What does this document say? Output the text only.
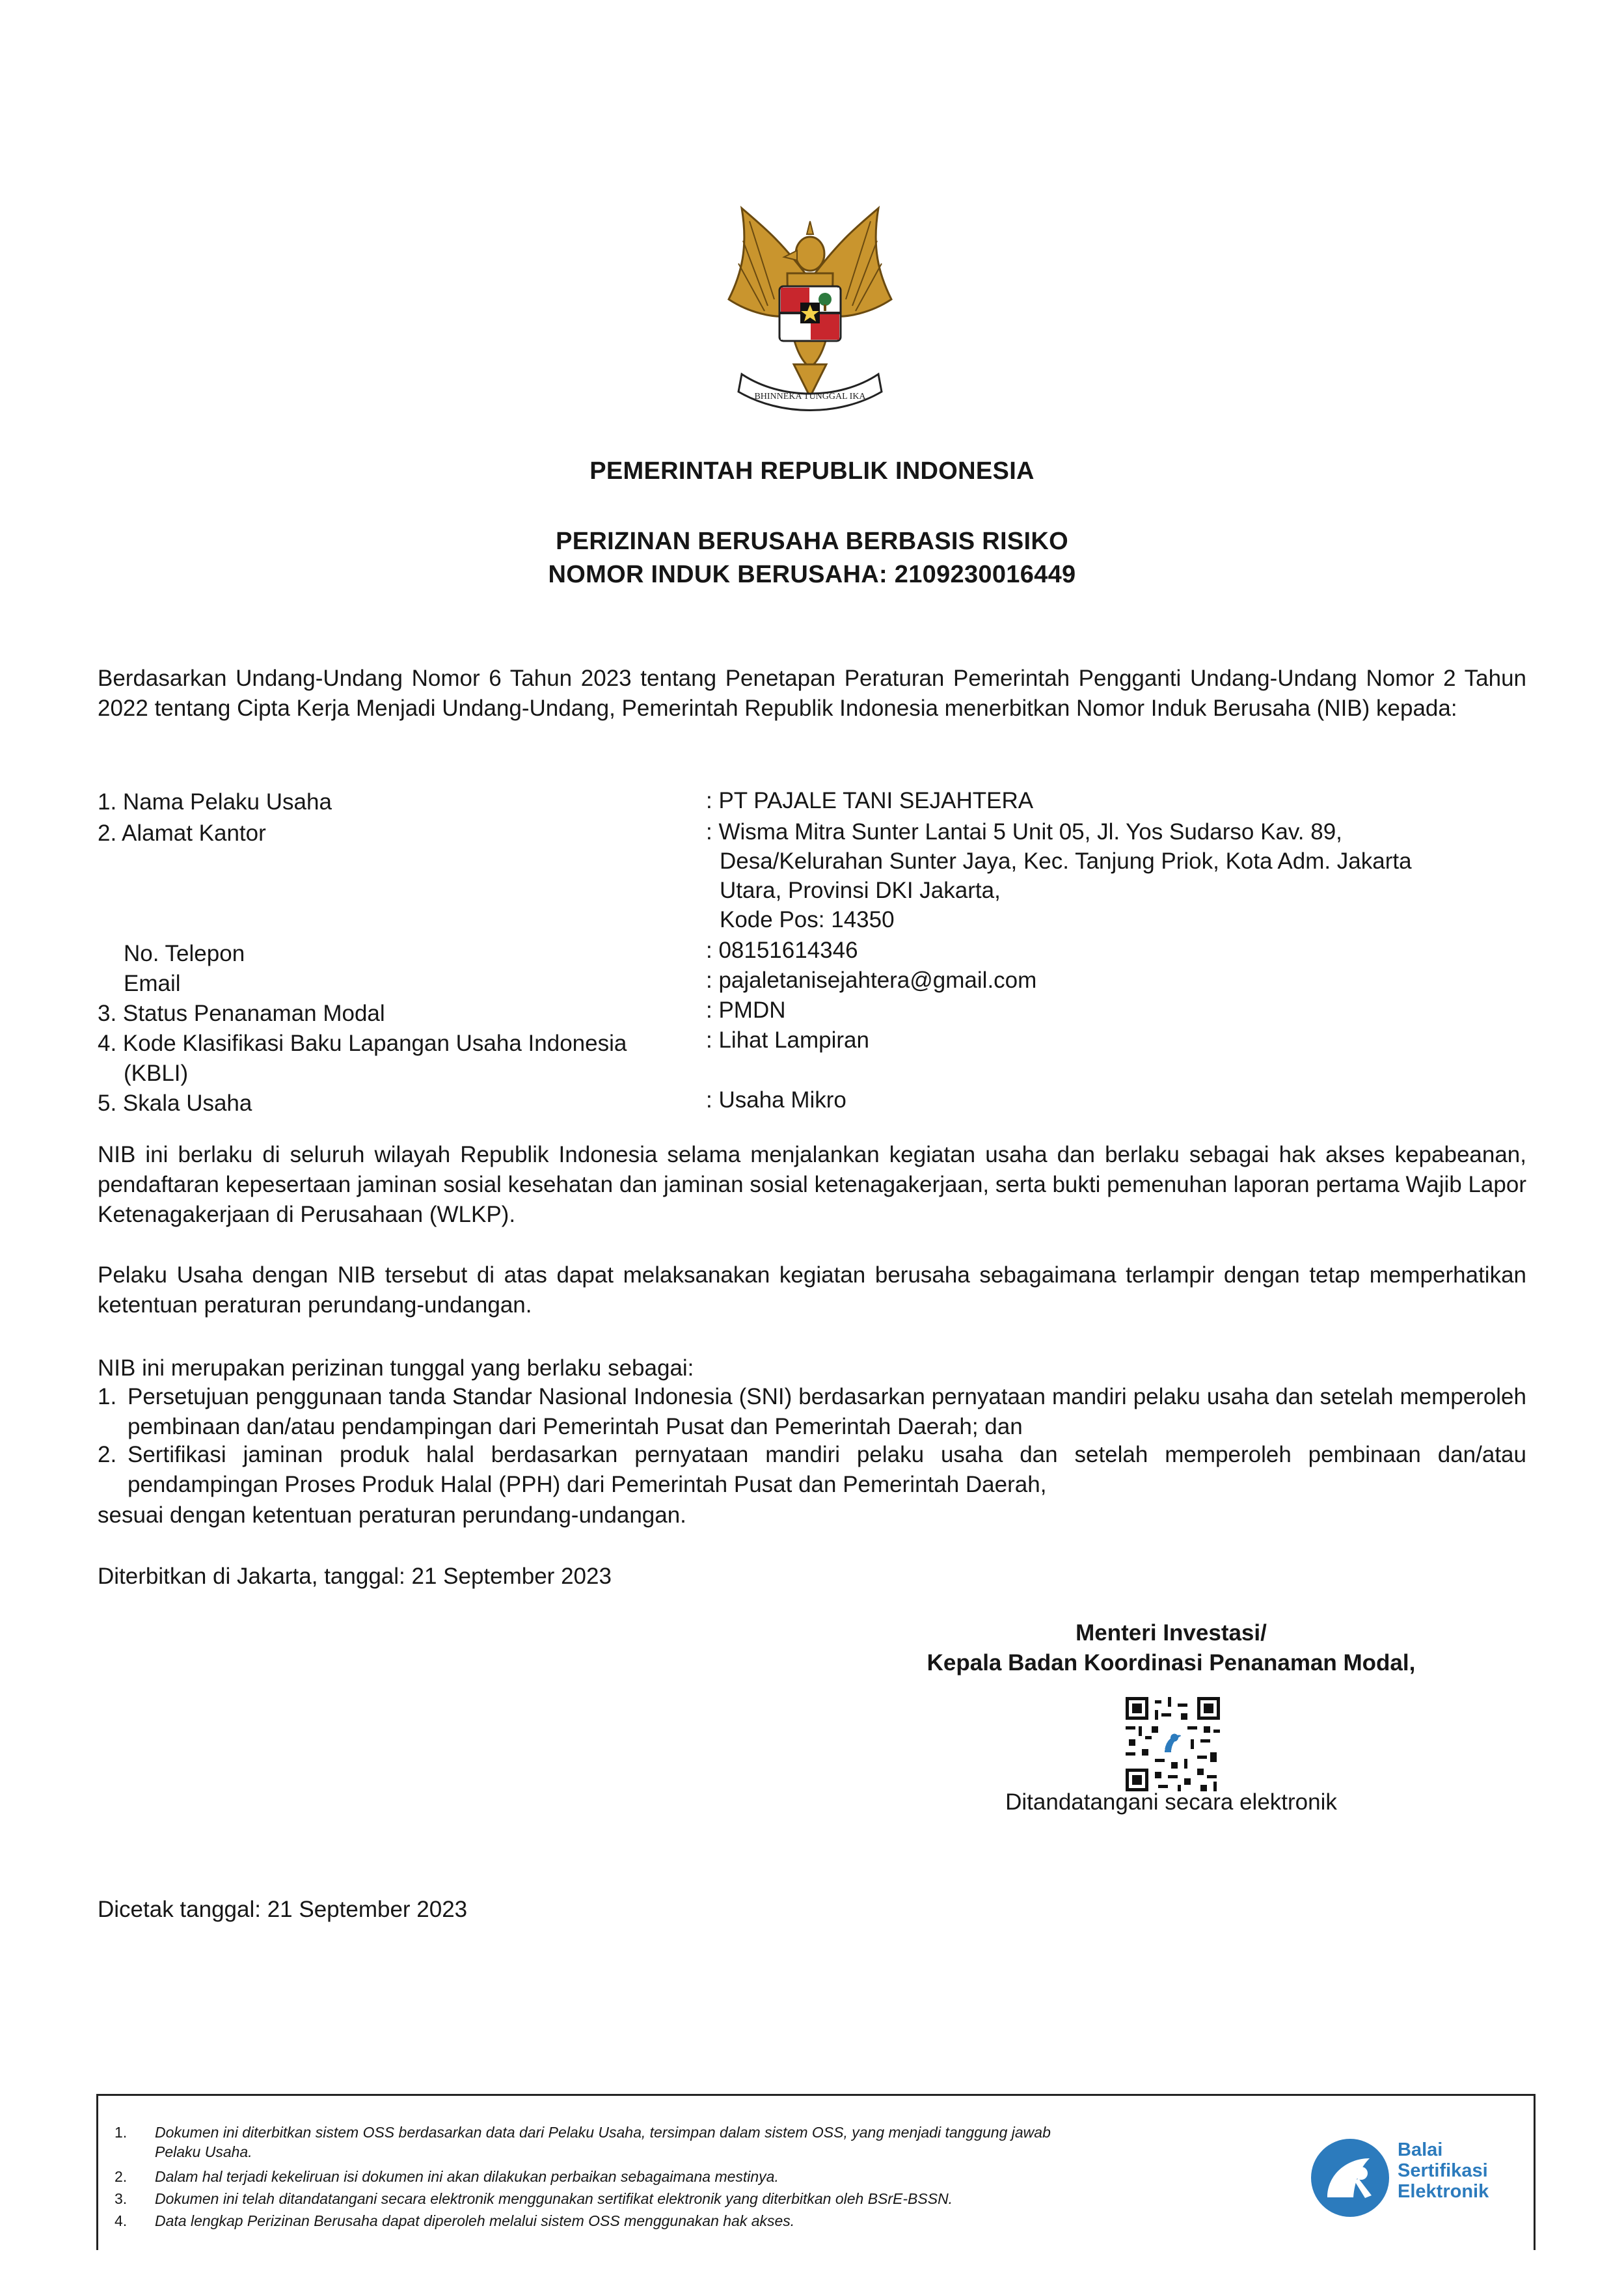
BHINNEKA TUNGGAL IKA
PEMERINTAH REPUBLIK INDONESIA
PERIZINAN BERUSAHA BERBASIS RISIKO
NOMOR INDUK BERUSAHA: 2109230016449
Berdasarkan Undang-Undang Nomor 6 Tahun 2023 tentang Penetapan Peraturan Pemerintah Pengganti Undang-Undang Nomor 2 Tahun 2022 tentang Cipta Kerja Menjadi Undang-Undang, Pemerintah Republik Indonesia menerbitkan Nomor Induk Berusaha (NIB) kepada:
1. Nama Pelaku Usaha	: PT PAJALE TANI SEJAHTERA
2. Alamat Kantor	: Wisma Mitra Sunter Lantai 5 Unit 05, Jl. Yos Sudarso Kav. 89,
Desa/Kelurahan Sunter Jaya, Kec. Tanjung Priok, Kota Adm. Jakarta
Utara, Provinsi DKI Jakarta,
Kode Pos: 14350
No. Telepon	: 08151614346
Email	: pajaletanisejahtera@gmail.com
3. Status Penanaman Modal	: PMDN
4. Kode Klasifikasi Baku Lapangan Usaha Indonesia	: Lihat Lampiran
(KBLI)
5. Skala Usaha	: Usaha Mikro
NIB ini berlaku di seluruh wilayah Republik Indonesia selama menjalankan kegiatan usaha dan berlaku sebagai hak akses kepabeanan, pendaftaran kepesertaan jaminan sosial kesehatan dan jaminan sosial ketenagakerjaan, serta bukti pemenuhan laporan pertama Wajib Lapor Ketenagakerjaan di Perusahaan (WLKP).
Pelaku Usaha dengan NIB tersebut di atas dapat melaksanakan kegiatan berusaha sebagaimana terlampir dengan tetap memperhatikan ketentuan peraturan perundang-undangan.
NIB ini merupakan perizinan tunggal yang berlaku sebagai:
1. Persetujuan penggunaan tanda Standar Nasional Indonesia (SNI) berdasarkan pernyataan mandiri pelaku usaha dan setelah memperoleh pembinaan dan/atau pendampingan dari Pemerintah Pusat dan Pemerintah Daerah; dan
2. Sertifikasi jaminan produk halal berdasarkan pernyataan mandiri pelaku usaha dan setelah memperoleh pembinaan dan/atau pendampingan Proses Produk Halal (PPH) dari Pemerintah Pusat dan Pemerintah Daerah,
sesuai dengan ketentuan peraturan perundang-undangan.
Diterbitkan di Jakarta, tanggal: 21 September 2023
Menteri Investasi/
Kepala Badan Koordinasi Penanaman Modal,
Ditandatangani secara elektronik
Dicetak tanggal: 21 September 2023
1.	Dokumen ini diterbitkan sistem OSS berdasarkan data dari Pelaku Usaha, tersimpan dalam sistem OSS, yang menjadi tanggung jawab
Pelaku Usaha.
2.	Dalam hal terjadi kekeliruan isi dokumen ini akan dilakukan perbaikan sebagaimana mestinya.
3.	Dokumen ini telah ditandatangani secara elektronik menggunakan sertifikat elektronik yang diterbitkan oleh BSrE-BSSN.
4.	Data lengkap Perizinan Berusaha dapat diperoleh melalui sistem OSS menggunakan hak akses.
Balai
Sertifikasi
Elektronik
